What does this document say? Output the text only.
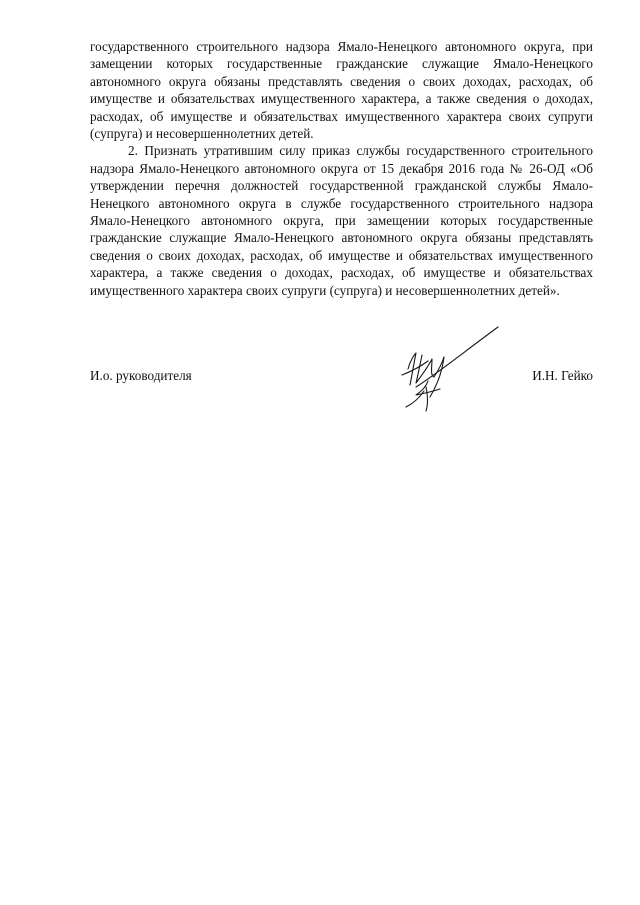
государственного строительного надзора Ямало-Ненецкого автономного округа, при замещении которых государственные гражданские служащие Ямало-Ненецкого автономного округа обязаны представлять сведения о своих доходах, расходах, об имуществе и обязательствах имущественного характера, а также сведения о доходах, расходах, об имуществе и обязательствах имущественного характера своих супруги (супруга) и несовершеннолетних детей.

2. Признать утратившим силу приказ службы государственного строительного надзора Ямало-Ненецкого автономного округа от 15 декабря 2016 года № 26-ОД «Об утверждении перечня должностей государственной гражданской службы Ямало-Ненецкого автономного округа в службе государственного строительного надзора Ямало-Ненецкого автономного округа, при замещении которых государственные гражданские служащие Ямало-Ненецкого автономного округа обязаны представлять сведения о своих доходах, расходах, об имуществе и обязательствах имущественного характера, а также сведения о доходах, расходах, об имуществе и обязательствах имущественного характера своих супруги (супруга) и несовершеннолетних детей».

И.о. руководителя	И.Н. Гейко
